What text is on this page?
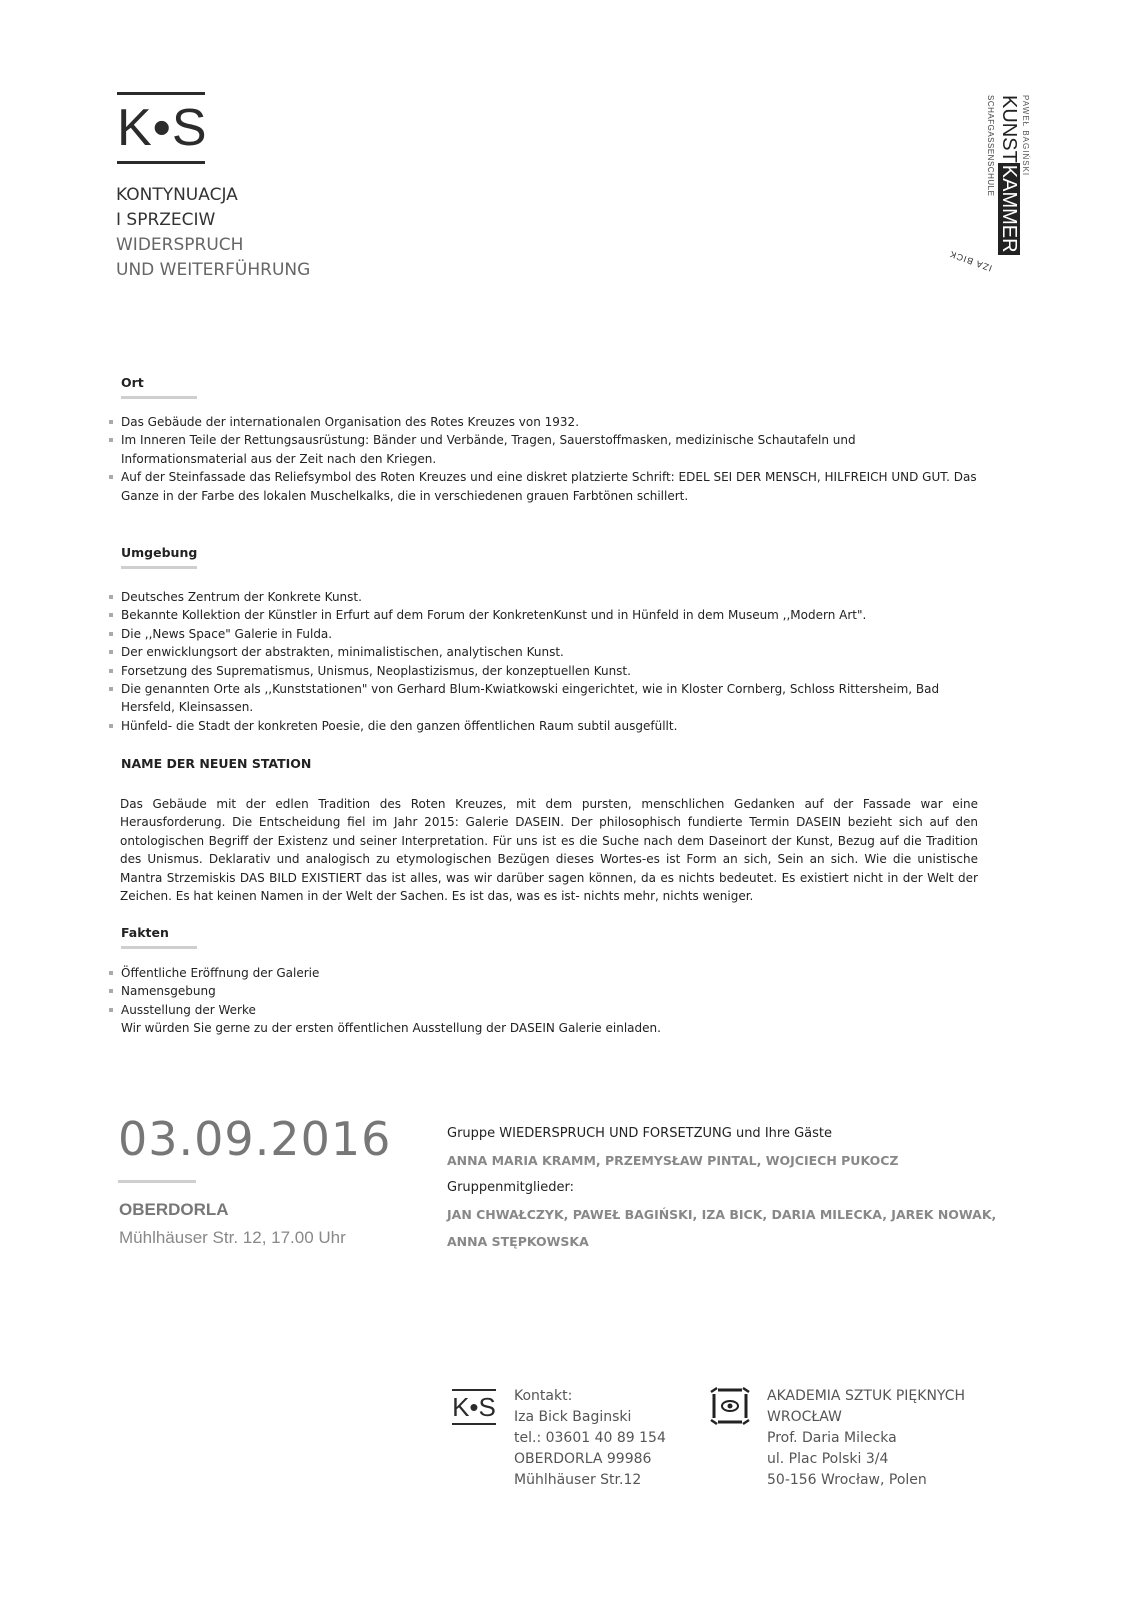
K•S
KONTYNUACJA
I SPRZECIW
WIDERSPRUCH
UND WEITERFÜHRUNG
PAWEŁ BAGIŃSKI
KUNSTKAMMER
SCHAFGASSENSCHULE
IZA BICK

Ort

Das Gebäude der internationalen Organisation des Rotes Kreuzes von 1932.
Im Inneren Teile der Rettungsausrüstung: Bänder und Verbände, Tragen, Sauerstoffmasken, medizinische Schautafeln und Informationsmaterial aus der Zeit nach den Kriegen.
Auf der Steinfassade das Reliefsymbol des Roten Kreuzes und eine diskret platzierte Schrift: EDEL SEI DER MENSCH, HILFREICH UND GUT. Das Ganze in der Farbe des lokalen Muschelkalks, die in verschiedenen grauen Farbtönen schillert.

Umgebung

Deutsches Zentrum der Konkrete Kunst.
Bekannte Kollektion der Künstler in Erfurt auf dem Forum der KonkretenKunst und in Hünfeld in dem Museum ,,Modern Art".
Die ,,News Space" Galerie in Fulda.
Der enwicklungsort der abstrakten, minimalistischen, analytischen Kunst.
Forsetzung des Suprematismus, Unismus, Neoplastizismus, der konzeptuellen Kunst.
Die genannten Orte als ,,Kunststationen" von Gerhard Blum-Kwiatkowski eingerichtet, wie in Kloster Cornberg, Schloss Rittersheim, Bad Hersfeld, Kleinsassen.
Hünfeld- die Stadt der konkreten Poesie, die den ganzen öffentlichen Raum subtil ausgefüllt.

NAME DER NEUEN STATION

Das Gebäude mit der edlen Tradition des Roten Kreuzes, mit dem pursten, menschlichen Gedanken auf der Fassade war eine Herausforderung. Die Entscheidung fiel im Jahr 2015: Galerie DASEIN. Der philosophisch fundierte Termin DASEIN bezieht sich auf den ontologischen Begriff der Existenz und seiner Interpretation. Für uns ist es die Suche nach dem Daseinort der Kunst, Bezug auf die Tradition des Unismus. Deklarativ und analogisch zu etymologischen Bezügen dieses Wortes-es ist Form an sich, Sein an sich. Wie die unistische Mantra Strzemiskis DAS BILD EXISTIERT das ist alles, was wir darüber sagen können, da es nichts bedeutet. Es existiert nicht in der Welt der Zeichen. Es hat keinen Namen in der Welt der Sachen. Es ist das, was es ist- nichts mehr, nichts weniger.

Fakten

Öffentliche Eröffnung der Galerie
Namensgebung
Ausstellung der Werke
Wir würden Sie gerne zu der ersten öffentlichen Ausstellung der DASEIN Galerie einladen.
03.09.2016
OBERDORLA
Mühlhäuser Str. 12, 17.00 Uhr
Gruppe WIEDERSPRUCH UND FORSETZUNG und Ihre Gäste
ANNA MARIA KRAMM, PRZEMYSŁAW PINTAL, WOJCIECH PUKOCZ
Gruppenmitglieder:
JAN CHWAŁCZYK, PAWEŁ BAGIŃSKI, IZA BICK, DARIA MILECKA, JAREK NOWAK,
ANNA STĘPKOWSKA
K•S Kontakt:
Iza Bick Baginski
tel.: 03601 40 89 154
OBERDORLA 99986
Mühlhäuser Str.12
AKADEMIA SZTUK PIĘKNYCH
WROCŁAW
Prof. Daria Milecka
ul. Plac Polski 3/4
50-156 Wrocław, Polen
